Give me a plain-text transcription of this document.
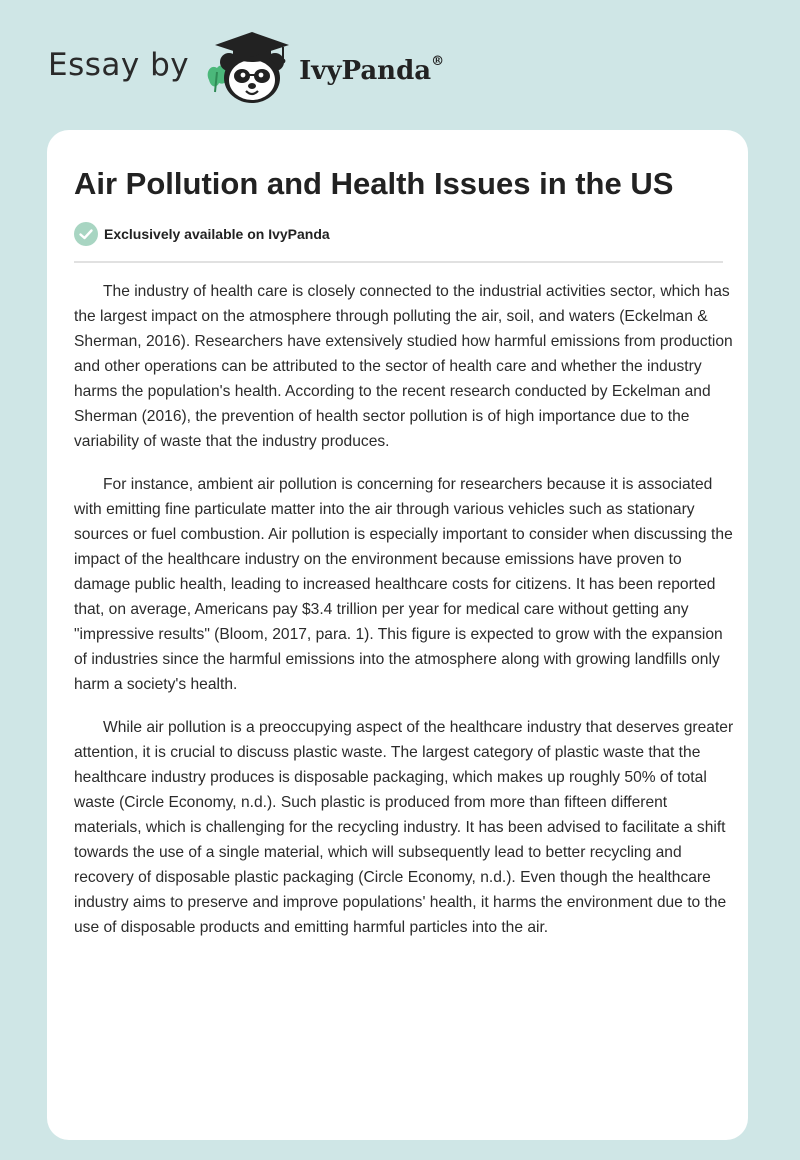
Essay by	IvyPanda®
Air Pollution and Health Issues in the US
Exclusively available on IvyPanda

The industry of health care is closely connected to the industrial activities sector, which has the largest impact on the atmosphere through polluting the air, soil, and waters (Eckelman & Sherman, 2016). Researchers have extensively studied how harmful emissions from production and other operations can be attributed to the sector of health care and whether the industry harms the population's health. According to the recent research conducted by Eckelman and Sherman (2016), the prevention of health sector pollution is of high importance due to the variability of waste that the industry produces.

For instance, ambient air pollution is concerning for researchers because it is associated with emitting fine particulate matter into the air through various vehicles such as stationary sources or fuel combustion. Air pollution is especially important to consider when discussing the impact of the healthcare industry on the environment because emissions have proven to damage public health, leading to increased healthcare costs for citizens. It has been reported that, on average, Americans pay $3.4 trillion per year for medical care without getting any "impressive results" (Bloom, 2017, para. 1). This figure is expected to grow with the expansion of industries since the harmful emissions into the atmosphere along with growing landfills only harm a society's health.

While air pollution is a preoccupying aspect of the healthcare industry that deserves greater attention, it is crucial to discuss plastic waste. The largest category of plastic waste that the healthcare industry produces is disposable packaging, which makes up roughly 50% of total waste (Circle Economy, n.d.). Such plastic is produced from more than fifteen different materials, which is challenging for the recycling industry. It has been advised to facilitate a shift towards the use of a single material, which will subsequently lead to better recycling and recovery of disposable plastic packaging (Circle Economy, n.d.). Even though the healthcare industry aims to preserve and improve populations' health, it harms the environment due to the use of disposable products and emitting harmful particles into the air.
